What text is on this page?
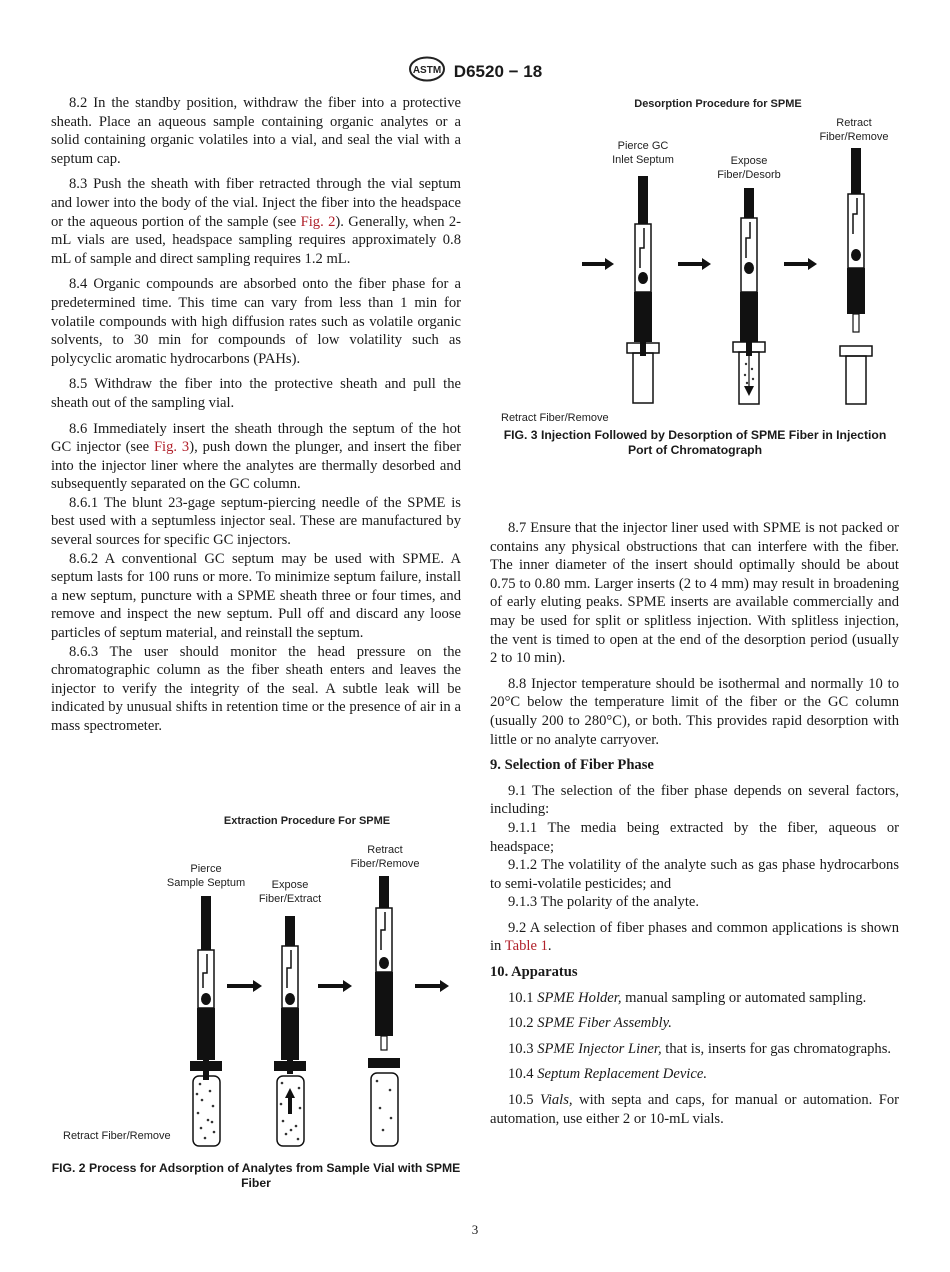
ASTM D6520 − 18

8.2 In the standby position, withdraw the fiber into a protective sheath. Place an aqueous sample containing organic analytes or a solid containing organic volatiles into a vial, and seal the vial with a septum cap.

8.3 Push the sheath with fiber retracted through the vial septum and lower into the body of the vial. Inject the fiber into the headspace or the aqueous portion of the sample (see Fig. 2). Generally, when 2-mL vials are used, headspace sampling requires approximately 0.8 mL of sample and direct sampling requires 1.2 mL.

8.4 Organic compounds are absorbed onto the fiber phase for a predetermined time. This time can vary from less than 1 min for volatile compounds with high diffusion rates such as volatile organic solvents, to 30 min for compounds of low volatility such as polycyclic aromatic hydrocarbons (PAHs).

8.5 Withdraw the fiber into the protective sheath and pull the sheath out of the sampling vial.

8.6 Immediately insert the sheath through the septum of the hot GC injector (see Fig. 3), push down the plunger, and insert the fiber into the injector liner where the analytes are thermally desorbed and subsequently separated on the GC column.

8.6.1 The blunt 23-gage septum-piercing needle of the SPME is best used with a septumless injector seal. These are manufactured by several sources for specific GC injectors.

8.6.2 A conventional GC septum may be used with SPME. A septum lasts for 100 runs or more. To minimize septum failure, install a new septum, puncture with a SPME sheath three or four times, and remove and inspect the new septum. Pull off and discard any loose particles of septum material, and reinstall the septum.

8.6.3 The user should monitor the head pressure on the chromatographic column as the fiber sheath enters and leaves the injector to verify the integrity of the seal. A subtle leak will be indicated by unusual shifts in retention time or the presence of air in a mass spectrometer.

Extraction Procedure For SPME
Pierce
Sample Septum Expose
Fiber/Extract
Retract
Fiber/Remove
Retract Fiber/Remove
FIG. 2 Process for Adsorption of Analytes from Sample Vial with SPME Fiber
Desorption Procedure for SPME
Pierce GC
Inlet Septum	Expose
Fiber/Desorb
Retract
Fiber/Remove
Retract Fiber/Remove
FIG. 3 Injection Followed by Desorption of SPME Fiber in Injection Port of Chromatograph

8.7 Ensure that the injector liner used with SPME is not packed or contains any physical obstructions that can interfere with the fiber. The inner diameter of the insert should optimally should be about 0.75 to 0.80 mm. Larger inserts (2 to 4 mm) may result in broadening of early eluting peaks. SPME inserts are available commercially and may be used for split or splitless injection. With splitless injection, the vent is timed to open at the end of the desorption period (usually 2 to 10 min).

8.8 Injector temperature should be isothermal and normally 10 to 20°C below the temperature limit of the fiber or the GC column (usually 200 to 280°C), or both. This provides rapid desorption with little or no analyte carryover.

9. Selection of Fiber Phase

9.1 The selection of the fiber phase depends on several factors, including:

9.1.1 The media being extracted by the fiber, aqueous or headspace;

9.1.2 The volatility of the analyte such as gas phase hydrocarbons to semi-volatile pesticides; and

9.1.3 The polarity of the analyte.

9.2 A selection of fiber phases and common applications is shown in Table 1.

10. Apparatus

10.1 SPME Holder, manual sampling or automated sampling.

10.2 SPME Fiber Assembly.

10.3 SPME Injector Liner, that is, inserts for gas chromatographs.

10.4 Septum Replacement Device.

10.5 Vials, with septa and caps, for manual or automation. For automation, use either 2 or 10-mL vials.

3
